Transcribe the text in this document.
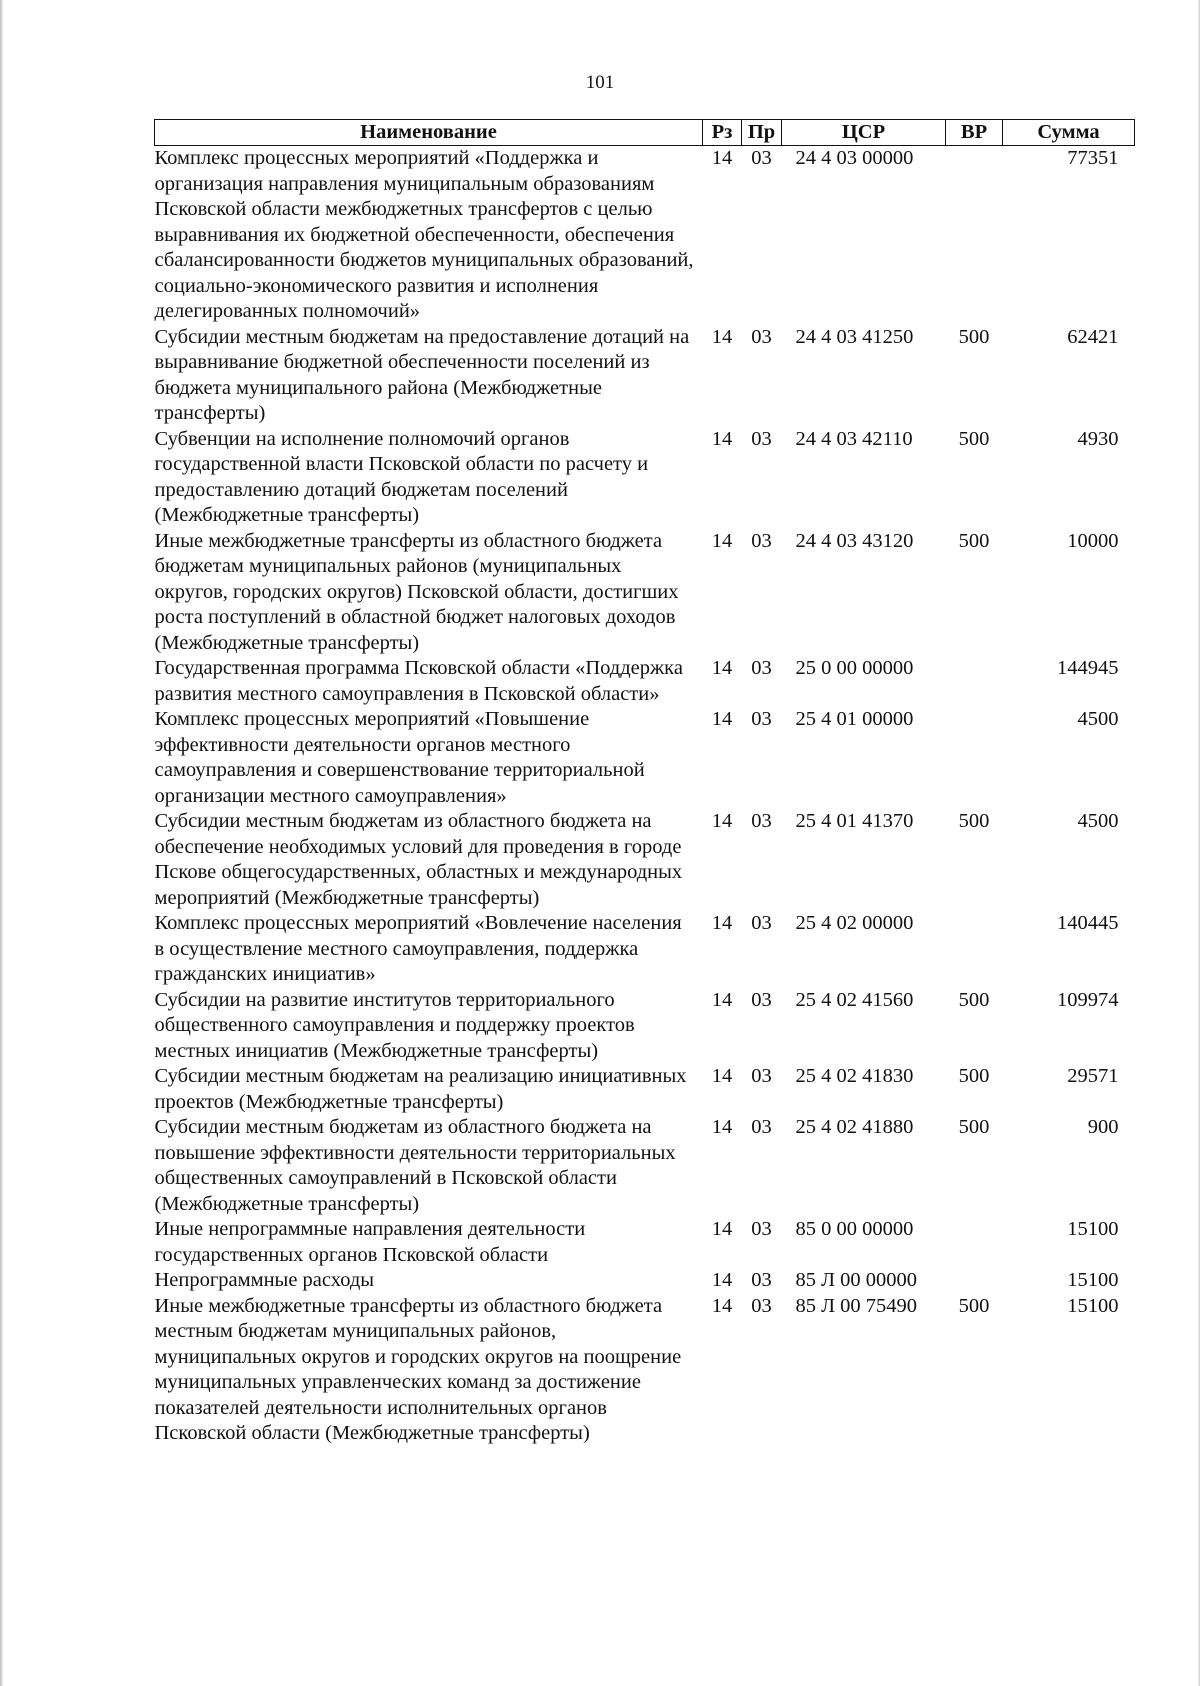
101
Наименование	Рз	Пр	ЦСР	ВР	Сумма
Комплекс процессных мероприятий «Поддержка и организация направления муниципальным образованиям Псковской области межбюджетных трансфертов с целью выравнивания их бюджетной обеспеченности, обеспечения сбалансированности бюджетов муниципальных образований, социально-экономического развития и исполнения делегированных полномочий»	14	03	24 4 03 00000		77351
Субсидии местным бюджетам на предоставление дотаций на выравнивание бюджетной обеспеченности поселений из бюджета муниципального района (Межбюджетные трансферты)	14	03	24 4 03 41250	500	62421
Субвенции на исполнение полномочий органов государственной власти Псковской области по расчету и предоставлению дотаций бюджетам поселений (Межбюджетные трансферты)	14	03	24 4 03 42110	500	4930
Иные межбюджетные трансферты из областного бюджета бюджетам муниципальных районов (муниципальных округов, городских округов) Псковской области, достигших роста поступлений в областной бюджет налоговых доходов (Межбюджетные трансферты)	14	03	24 4 03 43120	500	10000
Государственная программа Псковской области «Поддержка развития местного самоуправления в Псковской области»	14	03	25 0 00 00000		144945
Комплекс процессных мероприятий «Повышение эффективности деятельности органов местного самоуправления и совершенствование территориальной организации местного самоуправления»	14	03	25 4 01 00000		4500
Субсидии местным бюджетам из областного бюджета на обеспечение необходимых условий для проведения в городе Пскове общегосударственных, областных и международных мероприятий (Межбюджетные трансферты)	14	03	25 4 01 41370	500	4500
Комплекс процессных мероприятий «Вовлечение населения в осуществление местного самоуправления, поддержка гражданских инициатив»	14	03	25 4 02 00000		140445
Субсидии на развитие институтов территориального общественного самоуправления и поддержку проектов местных инициатив (Межбюджетные трансферты)	14	03	25 4 02 41560	500	109974
Субсидии местным бюджетам на реализацию инициативных проектов (Межбюджетные трансферты)	14	03	25 4 02 41830	500	29571
Субсидии местным бюджетам из областного бюджета на повышение эффективности деятельности территориальных общественных самоуправлений в Псковской области (Межбюджетные трансферты)	14	03	25 4 02 41880	500	900
Иные непрограммные направления деятельности государственных органов Псковской области	14	03	85 0 00 00000		15100
Непрограммные расходы	14	03	85 Л 00 00000		15100
Иные межбюджетные трансферты из областного бюджета местным бюджетам муниципальных районов, муниципальных округов и городских округов на поощрение муниципальных управленческих команд за достижение показателей деятельности исполнительных органов Псковской области (Межбюджетные трансферты)	14	03	85 Л 00 75490	500	15100
